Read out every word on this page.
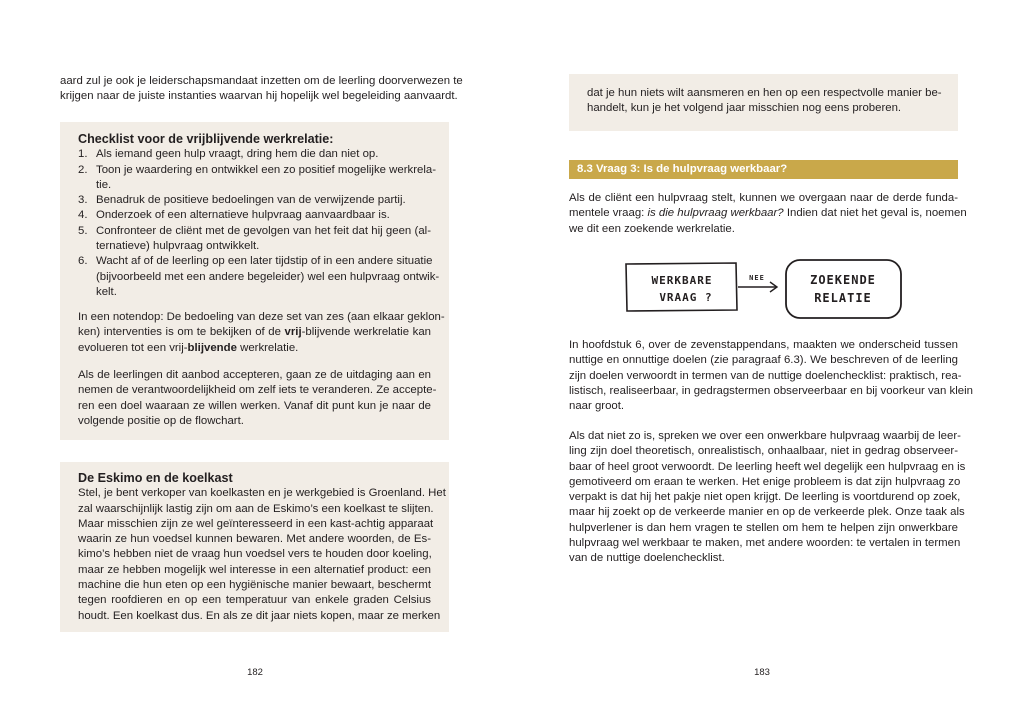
aard zul je ook je leiderschapsmandaat inzetten om de leerling doorverwezen te
krijgen naar de juiste instanties waarvan hij hopelijk wel begeleiding aanvaardt.

Checklist voor de vrijblijvende werkrelatie:

1. Als iemand geen hulp vraagt, dring hem die dan niet op.
2. Toon je waardering en ontwikkel een zo positief mogelijke werkrela-
tie.
3. Benadruk de positieve bedoelingen van de verwijzende partij.
4. Onderzoek of een alternatieve hulpvraag aanvaardbaar is.
5. Confronteer de cliënt met de gevolgen van het feit dat hij geen (al-
ternatieve) hulpvraag ontwikkelt.
6. Wacht af of de leerling op een later tijdstip of in een andere situatie
(bijvoorbeeld met een andere begeleider) wel een hulpvraag ontwik-
kelt.
In een notendop: De bedoeling van deze set van zes (aan elkaar geklon-
ken) interventies is om te bekijken of de vrij-blijvende werkrelatie kan
evolueren tot een vrij-blijvende werkrelatie.
Als de leerlingen dit aanbod accepteren, gaan ze de uitdaging aan en
nemen de verantwoordelijkheid om zelf iets te veranderen. Ze accepte-
ren een doel waaraan ze willen werken. Vanaf dit punt kun je naar de
volgende positie op de flowchart.

De Eskimo en de koelkast

Stel, je bent verkoper van koelkasten en je werkgebied is Groenland. Het
zal waarschijnlijk lastig zijn om aan de Eskimo’s een koelkast te slijten.
Maar misschien zijn ze wel geïnteresseerd in een kast-achtig apparaat
waarin ze hun voedsel kunnen bewaren. Met andere woorden, de Es-
kimo’s hebben niet de vraag hun voedsel vers te houden door koeling,
maar ze hebben mogelijk wel interesse in een alternatief product: een
machine die hun eten op een hygiënische manier bewaart, beschermt
tegen roofdieren en op een temperatuur van enkele graden Celsius
houdt. Een koelkast dus. En als ze dit jaar niets kopen, maar ze merken
182
dat je hun niets wilt aansmeren en hen op een respectvolle manier be-
handelt, kun je het volgend jaar misschien nog eens proberen.
8.3 Vraag 3: Is de hulpvraag werkbaar?
Als de cliënt een hulpvraag stelt, kunnen we overgaan naar de derde funda-
mentele vraag: is die hulpvraag werkbaar? Indien dat niet het geval is, noemen
we dit een zoekende werkrelatie.
WERKBARE
VRAAG ?
NEE	ZOEKENDE
RELATIE
In hoofdstuk 6, over de zevenstappendans, maakten we onderscheid tussen
nuttige en onnuttige doelen (zie paragraaf 6.3). We beschreven of de leerling
zijn doelen verwoordt in termen van de nuttige doelenchecklist: praktisch, rea-
listisch, realiseerbaar, in gedragstermen observeerbaar en bij voorkeur van klein
naar groot.
Als dat niet zo is, spreken we over een onwerkbare hulpvraag waarbij de leer-
ling zijn doel theoretisch, onrealistisch, onhaalbaar, niet in gedrag observeer-
baar of heel groot verwoordt. De leerling heeft wel degelijk een hulpvraag en is
gemotiveerd om eraan te werken. Het enige probleem is dat zijn hulpvraag zo
verpakt is dat hij het pakje niet open krijgt. De leerling is voortdurend op zoek,
maar hij zoekt op de verkeerde manier en op de verkeerde plek. Onze taak als
hulpverlener is dan hem vragen te stellen om hem te helpen zijn onwerkbare
hulpvraag wel werkbaar te maken, met andere woorden: te vertalen in termen
van de nuttige doelenchecklist.
183
